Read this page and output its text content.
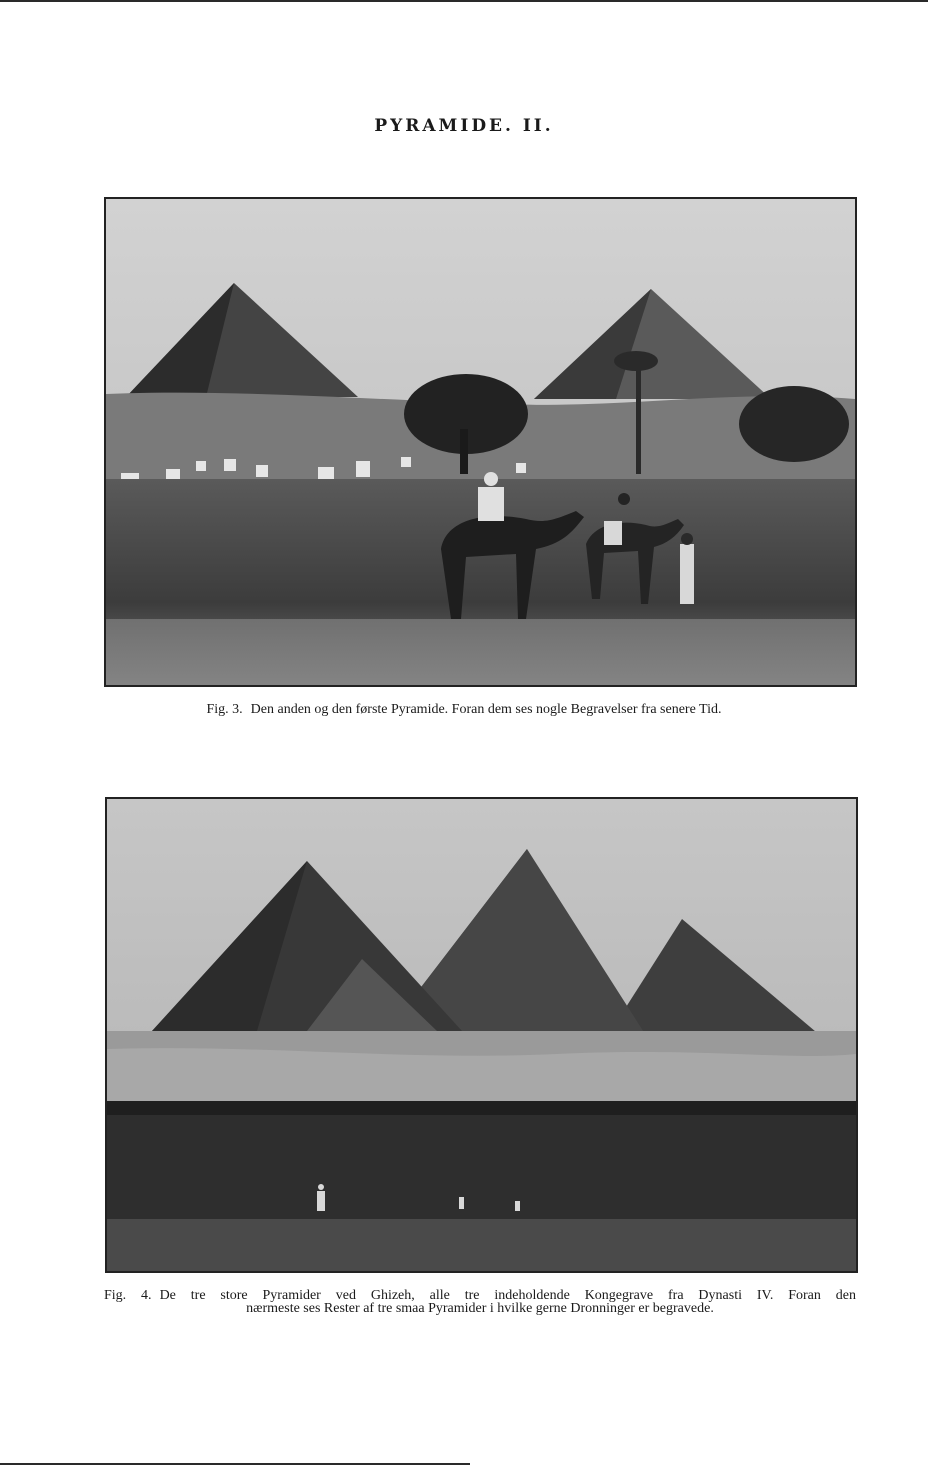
PYRAMIDE. II.
Fig. 3. Den anden og den første Pyramide. Foran dem ses nogle Begravelser fra senere Tid.
Fig. 4. De tre store Pyramider ved Ghizeh, alle tre indeholdende Kongegrave fra Dynasti IV. Foran den
nærmeste ses Rester af tre smaa Pyramider i hvilke gerne Dronninger er begravede.
